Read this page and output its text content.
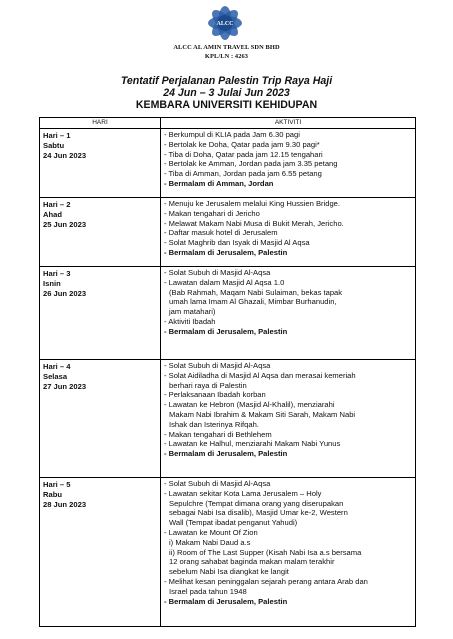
ALCC
ALCC AL AMIN TRAVEL SDN BHD
KPL/LN : 4263
Tentatif Perjalanan Palestin Trip Raya Haji
24 Jun – 3 Julai Jun 2023
KEMBARA UNIVERSITI KEHIDUPAN
HARI	AKTIVITI
Hari – 1
Sabtu
24 Jun 2023
- Berkumpul di KLIA pada Jam 6.30 pagi
- Bertolak ke Doha, Qatar pada jam 9.30 pagi*
- Tiba di Doha, Qatar pada jam 12.15 tengahari
- Bertolak ke Amman, Jordan pada jam 3.35 petang
- Tiba di Amman, Jordan pada jam 6.55 petang
- Bermalam di Amman, Jordan
Hari – 2
Ahad
25 Jun 2023
- Menuju ke Jerusalem melalui King Hussien Bridge.
- Makan tengahari di Jericho
- Melawat Makam Nabi Musa di Bukit Merah, Jericho.
- Daftar masuk hotel di Jerusalem
- Solat Maghrib dan Isyak di Masjid Al Aqsa
- Bermalam di Jerusalem, Palestin
Hari – 3
Isnin
26 Jun 2023
- Solat Subuh di Masjid Al-Aqsa
- Lawatan dalam Masjid Al Aqsa 1.0
(Bab Rahmah, Maqam Nabi Sulaiman, bekas tapak
umah lama Imam Al Ghazali, Mimbar Burhanudin,
jam matahari)
- Aktiviti Ibadah
- Bermalam di Jerusalem, Palestin
Hari – 4
Selasa
27 Jun 2023
- Solat Subuh di Masjid Al-Aqsa
- Solat Aidiladha di Masjid Al Aqsa dan merasai kemeriah
berhari raya di Palestin
- Perlaksanaan Ibadah korban
- Lawatan ke Hebron (Masjid Al-Khalil), menziarahi
Makam Nabi Ibrahim & Makam Siti Sarah, Makam Nabi
Ishak dan Isterinya Rifqah.
- Makan tengahari di Bethlehem
- Lawatan ke Halhul, menziarahi Makam Nabi Yunus
- Bermalam di Jerusalem, Palestin
Hari – 5
Rabu
28 Jun 2023
- Solat Subuh di Masjid Al-Aqsa
- Lawatan sekitar Kota Lama Jerusalem – Holy
Sepulchre (Tempat dimana orang yang diserupakan
sebagai Nabi Isa disalib), Masjid Umar ke-2, Western
Wall (Tempat ibadat penganut Yahudi)
- Lawatan ke Mount Of Zion
i) Makam Nabi Daud a.s
ii) Room of The Last Supper (Kisah Nabi Isa a.s bersama
12 orang sahabat baginda makan malam terakhir
sebelum Nabi Isa diangkat ke langit
- Melihat kesan peninggalan sejarah perang antara Arab dan
Israel pada tahun 1948
- Bermalam di Jerusalem, Palestin
